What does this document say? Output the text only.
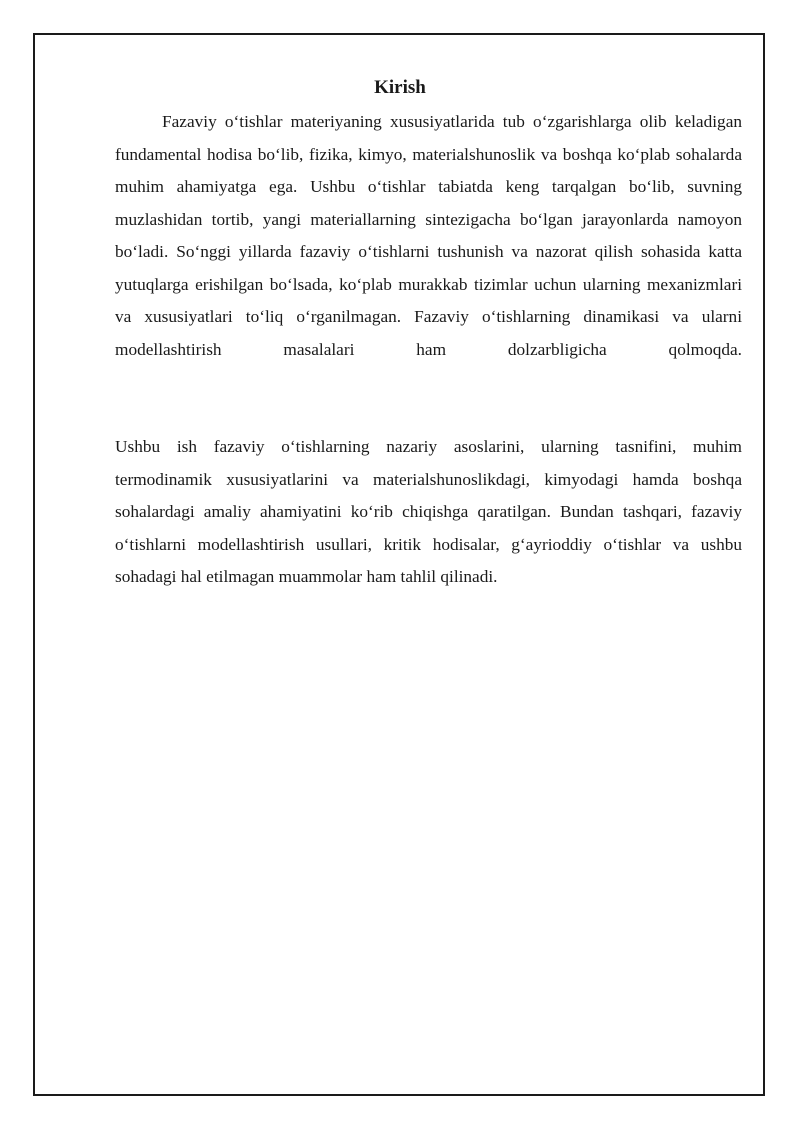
Kirish

Fazaviy o‘tishlar materiyaning xususiyatlarida tub o‘zgarishlarga olib keladigan fundamental hodisa bo‘lib, fizika, kimyo, materialshunoslik va boshqa ko‘plab sohalarda muhim ahamiyatga ega. Ushbu o‘tishlar tabiatda keng tarqalgan bo‘lib, suvning muzlashidan tortib, yangi materiallarning sintezigacha bo‘lgan jarayonlarda namoyon bo‘ladi. So‘nggi yillarda fazaviy o‘tishlarni tushunish va nazorat qilish sohasida katta yutuqlarga erishilgan bo‘lsada, ko‘plab murakkab tizimlar uchun ularning mexanizmlari va xususiyatlari to‘liq o‘rganilmagan. Fazaviy o‘tishlarning dinamikasi va ularni modellashtirish masalalari ham dolzarbligicha qolmoqda.

Ushbu ish fazaviy o‘tishlarning nazariy asoslarini, ularning tasnifini, muhim termodinamik xususiyatlarini va materialshunoslikdagi, kimyodagi hamda boshqa sohalardagi amaliy ahamiyatini ko‘rib chiqishga qaratilgan. Bundan tashqari, fazaviy o‘tishlarni modellashtirish usullari, kritik hodisalar, g‘ayrioddiy o‘tishlar va ushbu sohadagi hal etilmagan muammolar ham tahlil qilinadi.
